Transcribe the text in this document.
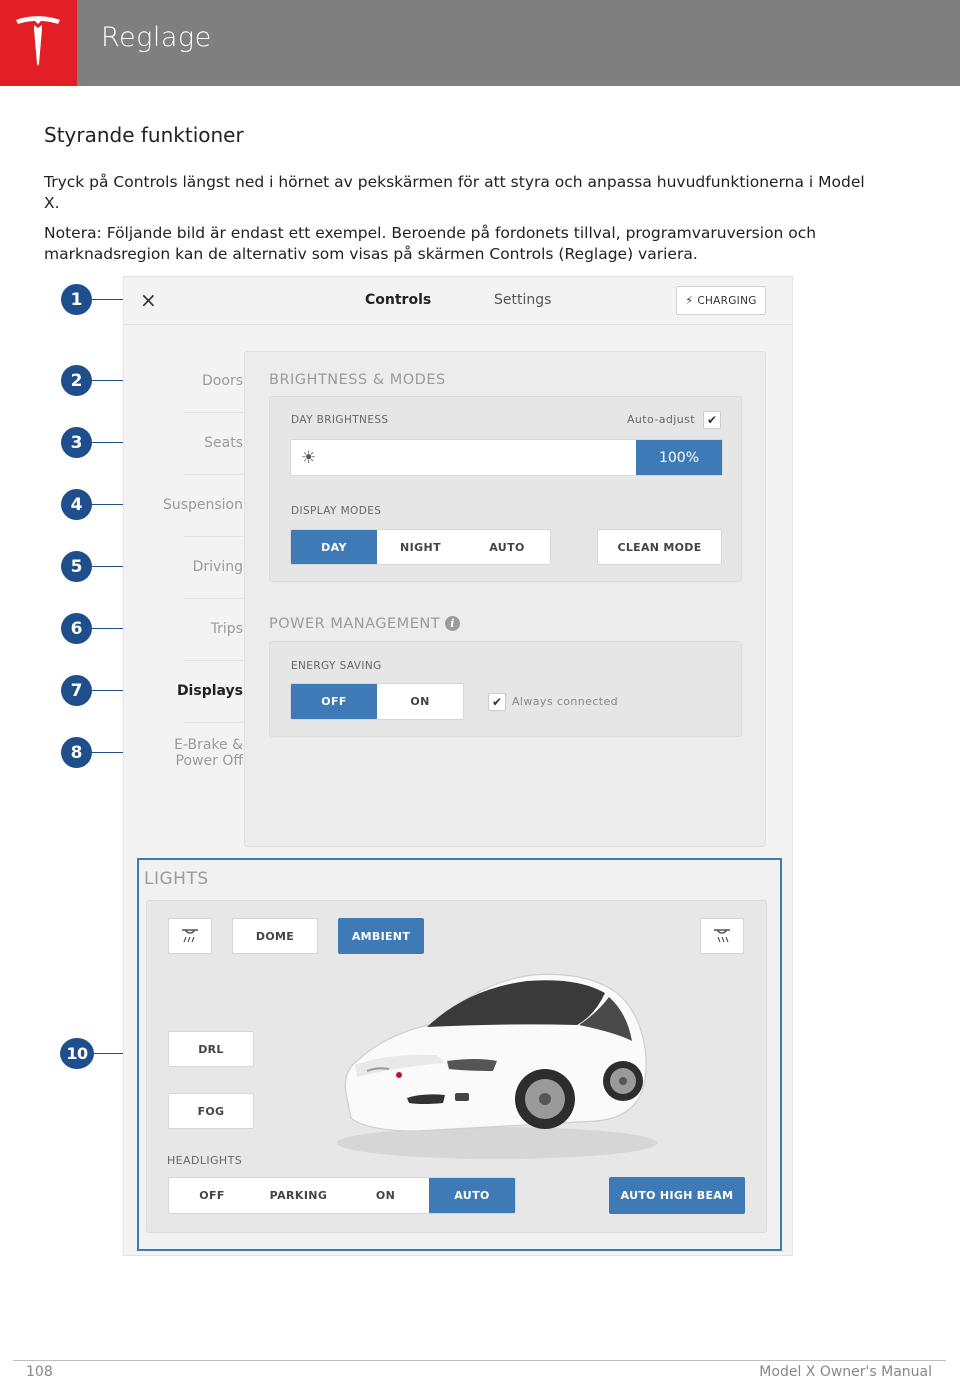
Reglage
Styrande funktioner
Tryck på Controls längst ned i hörnet av pekskärmen för att styra och anpassa huvudfunktionerna i Model X.
Notera: Följande bild är endast ett exempel. Beroende på fordonets tillval, programvaruversion och marknadsregion kan de alternativ som visas på skärmen Controls (Reglage) variera.
1
2
3
4
5
6
7
8
10
×	Controls	Settings	⚡ CHARGING
Doors
Seats
Suspension
Driving
Trips
Displays
E-Brake &
Power Off
BRIGHTNESS & MODES
DAY BRIGHTNESS	Auto-adjust	✔
☀	100%
DISPLAY MODES
DAY	NIGHT	AUTO	CLEAN MODE
POWER MANAGEMENT i
ENERGY SAVING
OFF	ON	✔ Always connected
LIGHTS
DOME	AMBIENT
DRL
FOG
HEADLIGHTS
OFF	PARKING	ON	AUTO	AUTO HIGH BEAM
108	Model X Owner's Manual
